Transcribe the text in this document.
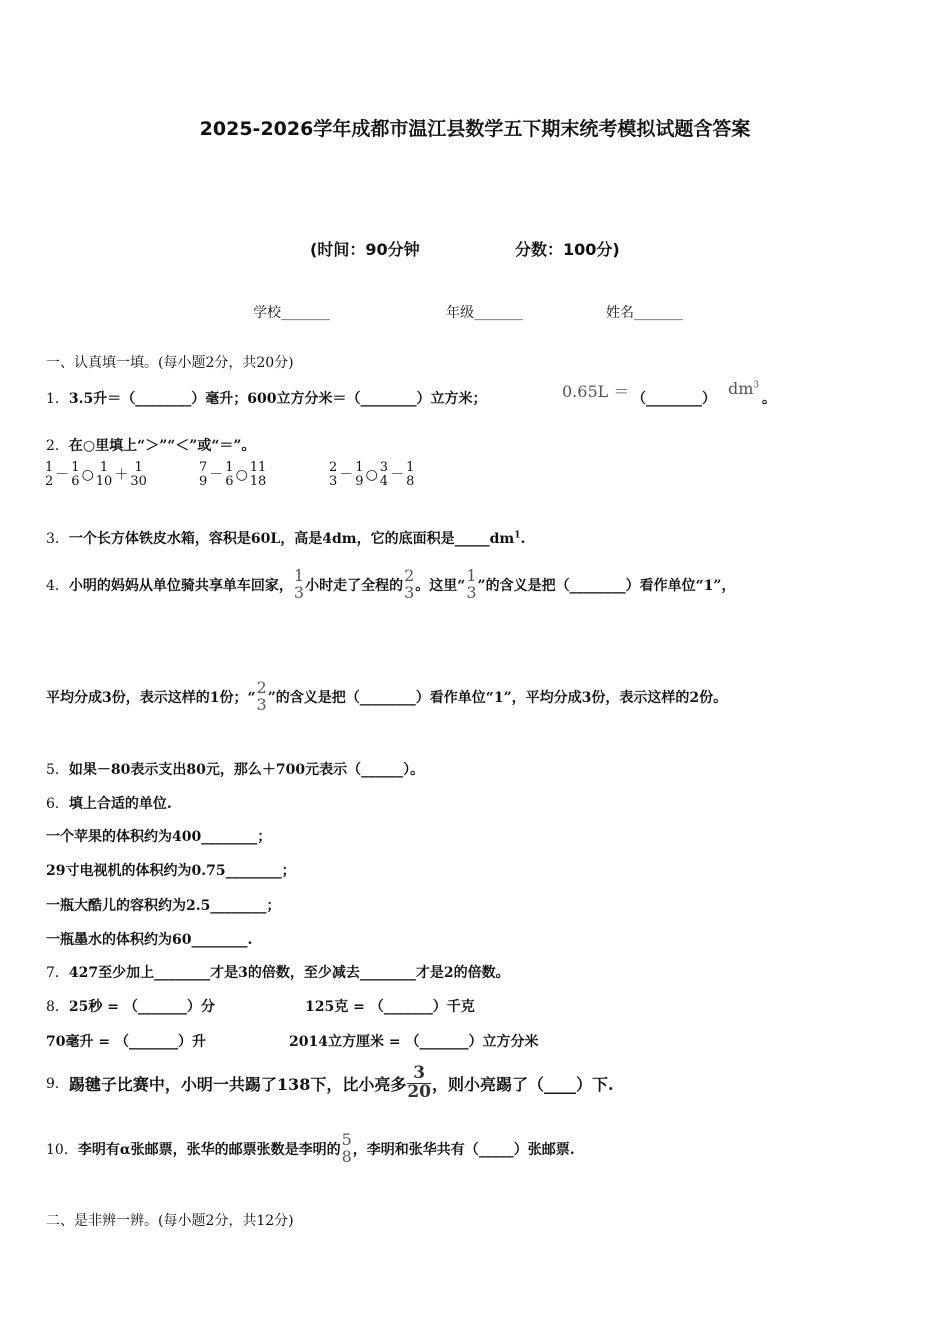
2025-2026学年成都市温江县数学五下期末统考模拟试题含答案
(时间：90分钟	分数：100分)
学校_______	年级_______	姓名_______
一、认真填一填。(每小题2分，共20分)
1．3.5升＝（________）毫升；600立方分米＝（________）立方米；	0.65L ＝ （________）
$dm^3$
。
2．在○里填上“＞”“＜”或“＝”。
1
2 － 1
6 ○ 1
10 ＋ 1
30
7
9 － 1
6 ○ 11
18
2
3 － 1
9 ○ 3
4 － 1
8
3．一个长方体铁皮水箱，容积是60L，高是4dm，它的底面积是$\_\_\_\_\_dm^1$.
4． 小明的妈妈从单位骑共享单车回家，
1
3 小时走了全程的
2
3 。这里“
1
3 ”的含义是把（________）看作单位“1”，
平均分成3份，表示这样的1份；“
2
3 ”的含义是把（________）看作单位“1”，平均分成3份，表示这样的2份。
5．如果－80表示支出80元，那么＋700元表示（______）。
6．填上合适的单位.
一个苹果的体积约为400________；
29寸电视机的体积约为0.75________；
一瓶大酷儿的容积约为2.5________；
一瓶墨水的体积约为60________.
7．427至少加上________才是3的倍数，至少减去________才是2的倍数。
8．25秒 = （_______）分	125克 = （_______）千克
70毫升 = （_______）升	2014立方厘米 = （_______）立方分米
9． 踢毽子比赛中，小明一共踢了138下，比小亮多 $\frac{3}{20}$ ，则小亮踢了（____）下.
10． 李明有α张邮票，张华的邮票张数是李明的
5
8 ，李明和张华共有（_____）张邮票.
二、是非辨一辨。(每小题2分，共12分)
